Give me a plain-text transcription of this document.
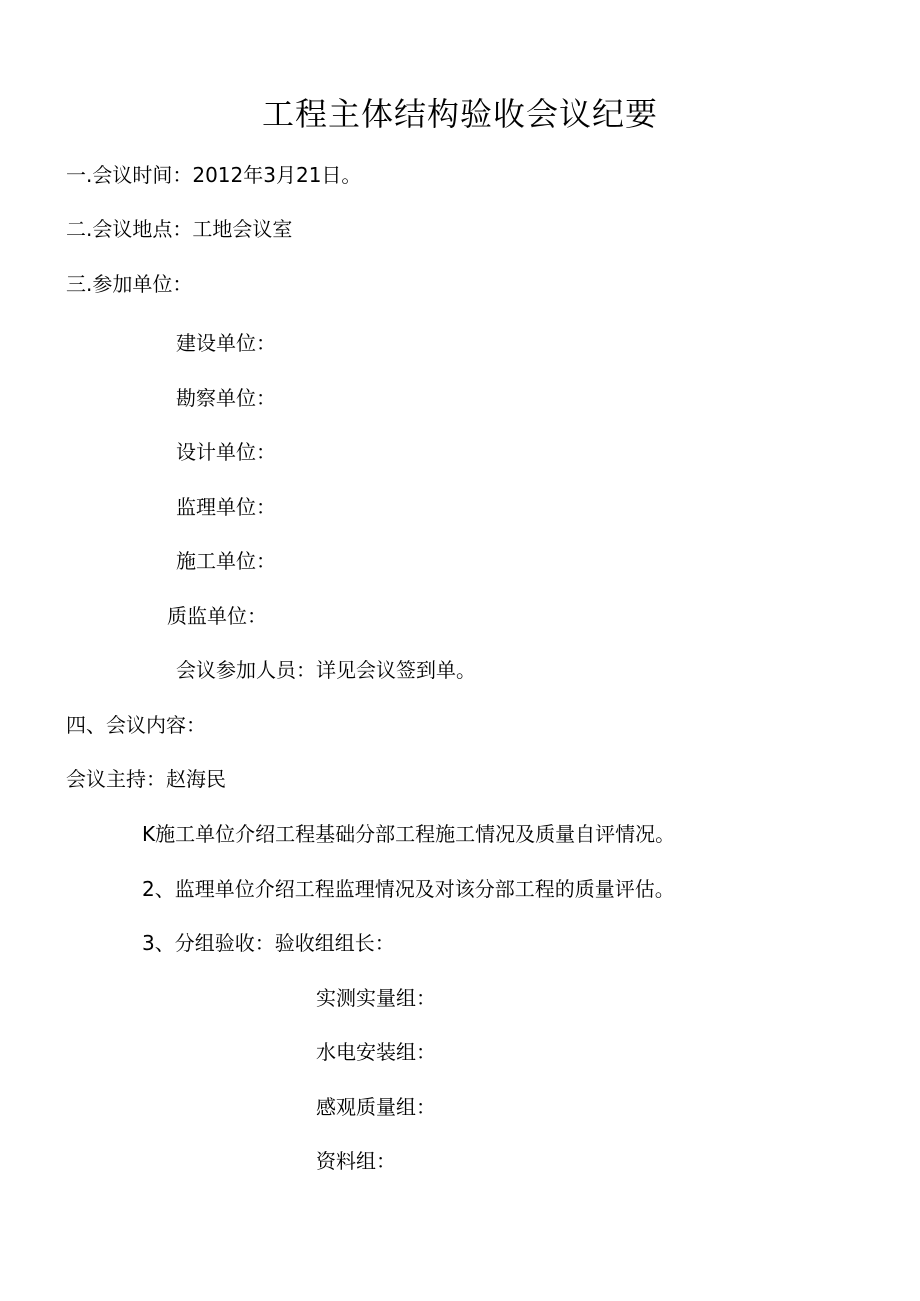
工程主体结构验收会议纪要
一.会议时间：2012年3月21日。
二.会议地点：工地会议室
三.参加单位：
建设单位：
勘察单位：
设计单位：
监理单位：
施工单位：
质监单位：
会议参加人员：详见会议签到单。
四、会议内容：
会议主持：赵海民
K施工单位介绍工程基础分部工程施工情况及质量自评情况。
2、监理单位介绍工程监理情况及对该分部工程的质量评估。
3、分组验收：验收组组长：
实测实量组：
水电安装组：
感观质量组：
资料组：
